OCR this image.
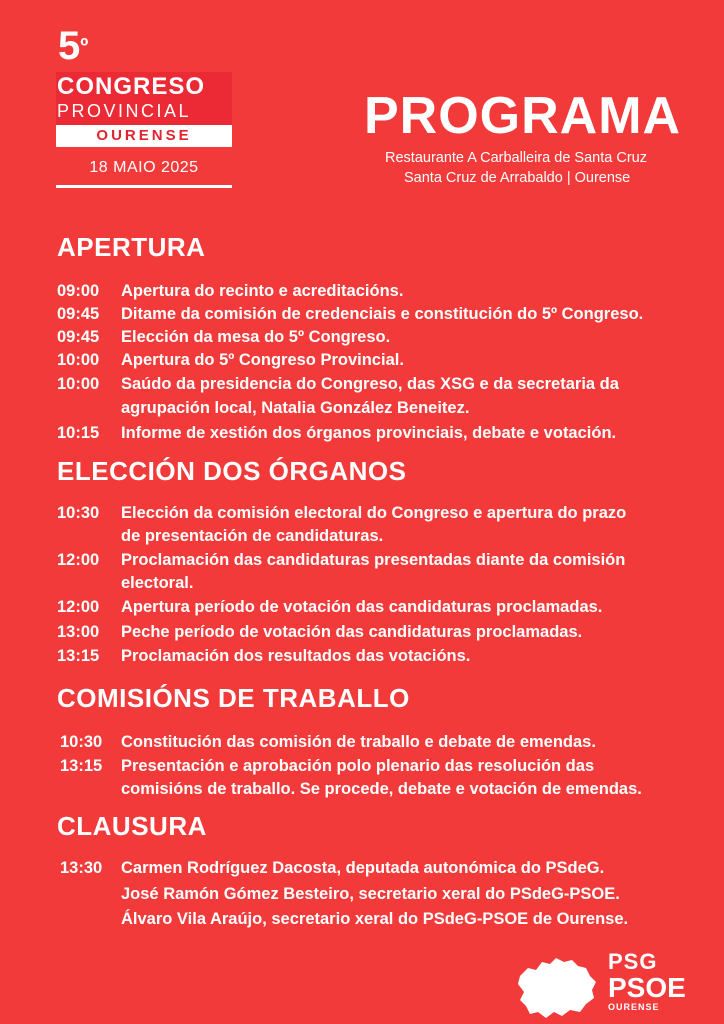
$5^º$
CONGRESO
PROVINCIAL
OURENSE
18 MAIO 2025
PROGRAMA
Restaurante A Carballeira de Santa Cruz
Santa Cruz de Arrabaldo | Ourense
APERTURA
09:00	Apertura do recinto e acreditacións.
09:45	Ditame da comisión de credenciais e constitución do 5º Congreso.
09:45	Elección da mesa do 5º Congreso.
10:00	Apertura do 5º Congreso Provincial.
10:00	Saúdo da presidencia do Congreso, das XSG e da secretaria da
agrupación local, Natalia González Beneitez.
10:15	Informe de xestión dos órganos provinciais, debate e votación.
ELECCIÓN DOS ÓRGANOS
10:30	Elección da comisión electoral do Congreso e apertura do prazo
de presentación de candidaturas.
12:00	Proclamación das candidaturas presentadas diante da comisión
electoral.
12:00	Apertura período de votación das candidaturas proclamadas.
13:00	Peche período de votación das candidaturas proclamadas.
13:15	Proclamación dos resultados das votacións.
COMISIÓNS DE TRABALLO
10:30	Constitución das comisión de traballo e debate de emendas.
13:15	Presentación e aprobación polo plenario das resolución das
comisións de traballo. Se procede, debate e votación de emendas.
CLAUSURA
13:30	Carmen Rodríguez Dacosta, deputada autonómica do PSdeG.
José Ramón Gómez Besteiro, secretario xeral do PSdeG-PSOE.
Álvaro Vila Araújo, secretario xeral do PSdeG-PSOE de Ourense.
PSG
PSOE
OURENSE
